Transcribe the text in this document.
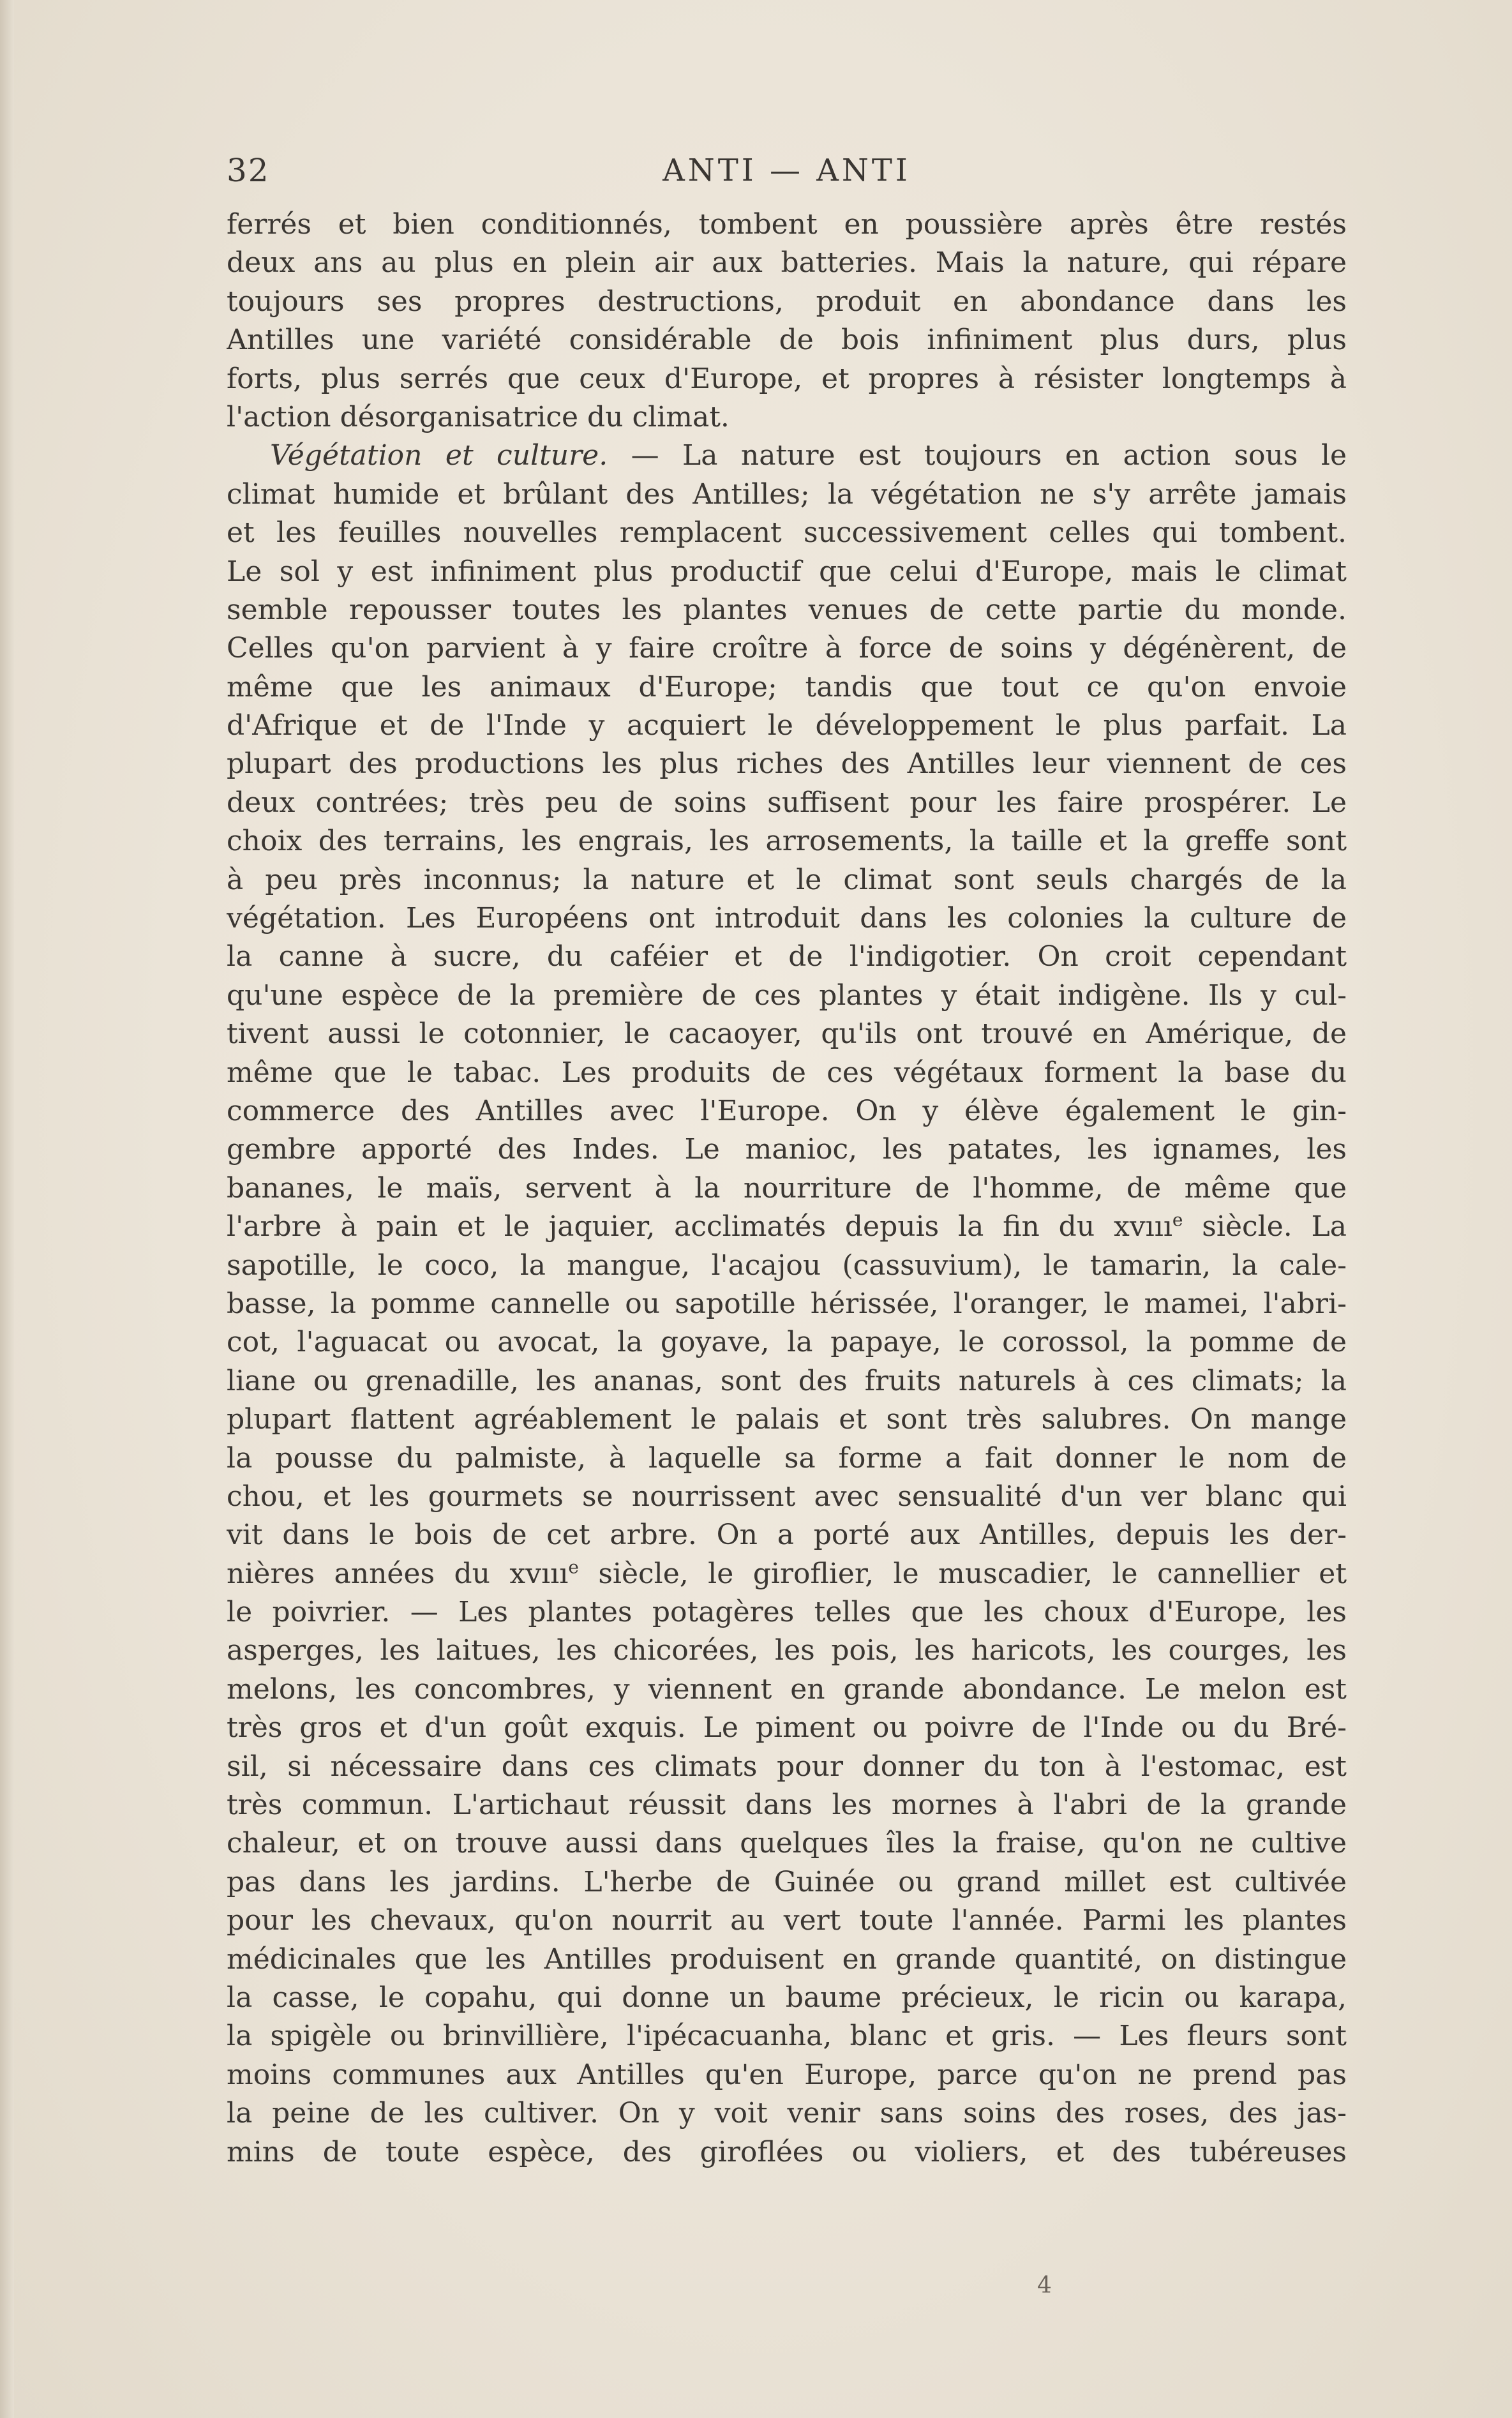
32	ANTI — ANTI
ferrés et bien conditionnés, tombent en poussière après être restés
deux ans au plus en plein air aux batteries. Mais la nature, qui répare
toujours ses propres destructions, produit en abondance dans les
Antilles une variété considérable de bois infiniment plus durs, plus
forts, plus serrés que ceux d'Europe, et propres à résister longtemps à
l'action désorganisatrice du climat.
Végétation et culture. — La nature est toujours en action sous le
climat humide et brûlant des Antilles; la végétation ne s'y arrête jamais
et les feuilles nouvelles remplacent successivement celles qui tombent.
Le sol y est infiniment plus productif que celui d'Europe, mais le climat
semble repousser toutes les plantes venues de cette partie du monde.
Celles qu'on parvient à y faire croître à force de soins y dégénèrent, de
même que les animaux d'Europe; tandis que tout ce qu'on envoie
d'Afrique et de l'Inde y acquiert le développement le plus parfait. La
plupart des productions les plus riches des Antilles leur viennent de ces
deux contrées; très peu de soins suffisent pour les faire prospérer. Le
choix des terrains, les engrais, les arrosements, la taille et la greffe sont
à peu près inconnus; la nature et le climat sont seuls chargés de la
végétation. Les Européens ont introduit dans les colonies la culture de
la canne à sucre, du caféier et de l'indigotier. On croit cependant
qu'une espèce de la première de ces plantes y était indigène. Ils y cul-
tivent aussi le cotonnier, le cacaoyer, qu'ils ont trouvé en Amérique, de
même que le tabac. Les produits de ces végétaux forment la base du
commerce des Antilles avec l'Europe. On y élève également le gin-
gembre apporté des Indes. Le manioc, les patates, les ignames, les
bananes, le maïs, servent à la nourriture de l'homme, de même que
l'arbre à pain et le jaquier, acclimatés depuis la fin du xvııı$^e$ siècle. La
sapotille, le coco, la mangue, l'acajou (cassuvium), le tamarin, la cale-
basse, la pomme cannelle ou sapotille hérissée, l'oranger, le mamei, l'abri-
cot, l'aguacat ou avocat, la goyave, la papaye, le corossol, la pomme de
liane ou grenadille, les ananas, sont des fruits naturels à ces climats; la
plupart flattent agréablement le palais et sont très salubres. On mange
la pousse du palmiste, à laquelle sa forme a fait donner le nom de
chou, et les gourmets se nourrissent avec sensualité d'un ver blanc qui
vit dans le bois de cet arbre. On a porté aux Antilles, depuis les der-
nières années du xvııı$^e$ siècle, le giroflier, le muscadier, le cannellier et
le poivrier. — Les plantes potagères telles que les choux d'Europe, les
asperges, les laitues, les chicorées, les pois, les haricots, les courges, les
melons, les concombres, y viennent en grande abondance. Le melon est
très gros et d'un goût exquis. Le piment ou poivre de l'Inde ou du Bré-
sil, si nécessaire dans ces climats pour donner du ton à l'estomac, est
très commun. L'artichaut réussit dans les mornes à l'abri de la grande
chaleur, et on trouve aussi dans quelques îles la fraise, qu'on ne cultive
pas dans les jardins. L'herbe de Guinée ou grand millet est cultivée
pour les chevaux, qu'on nourrit au vert toute l'année. Parmi les plantes
médicinales que les Antilles produisent en grande quantité, on distingue
la casse, le copahu, qui donne un baume précieux, le ricin ou karapa,
la spigèle ou brinvillière, l'ipécacuanha, blanc et gris. — Les fleurs sont
moins communes aux Antilles qu'en Europe, parce qu'on ne prend pas
la peine de les cultiver. On y voit venir sans soins des roses, des jas-
mins de toute espèce, des giroflées ou violiers, et des tubéreuses
4
